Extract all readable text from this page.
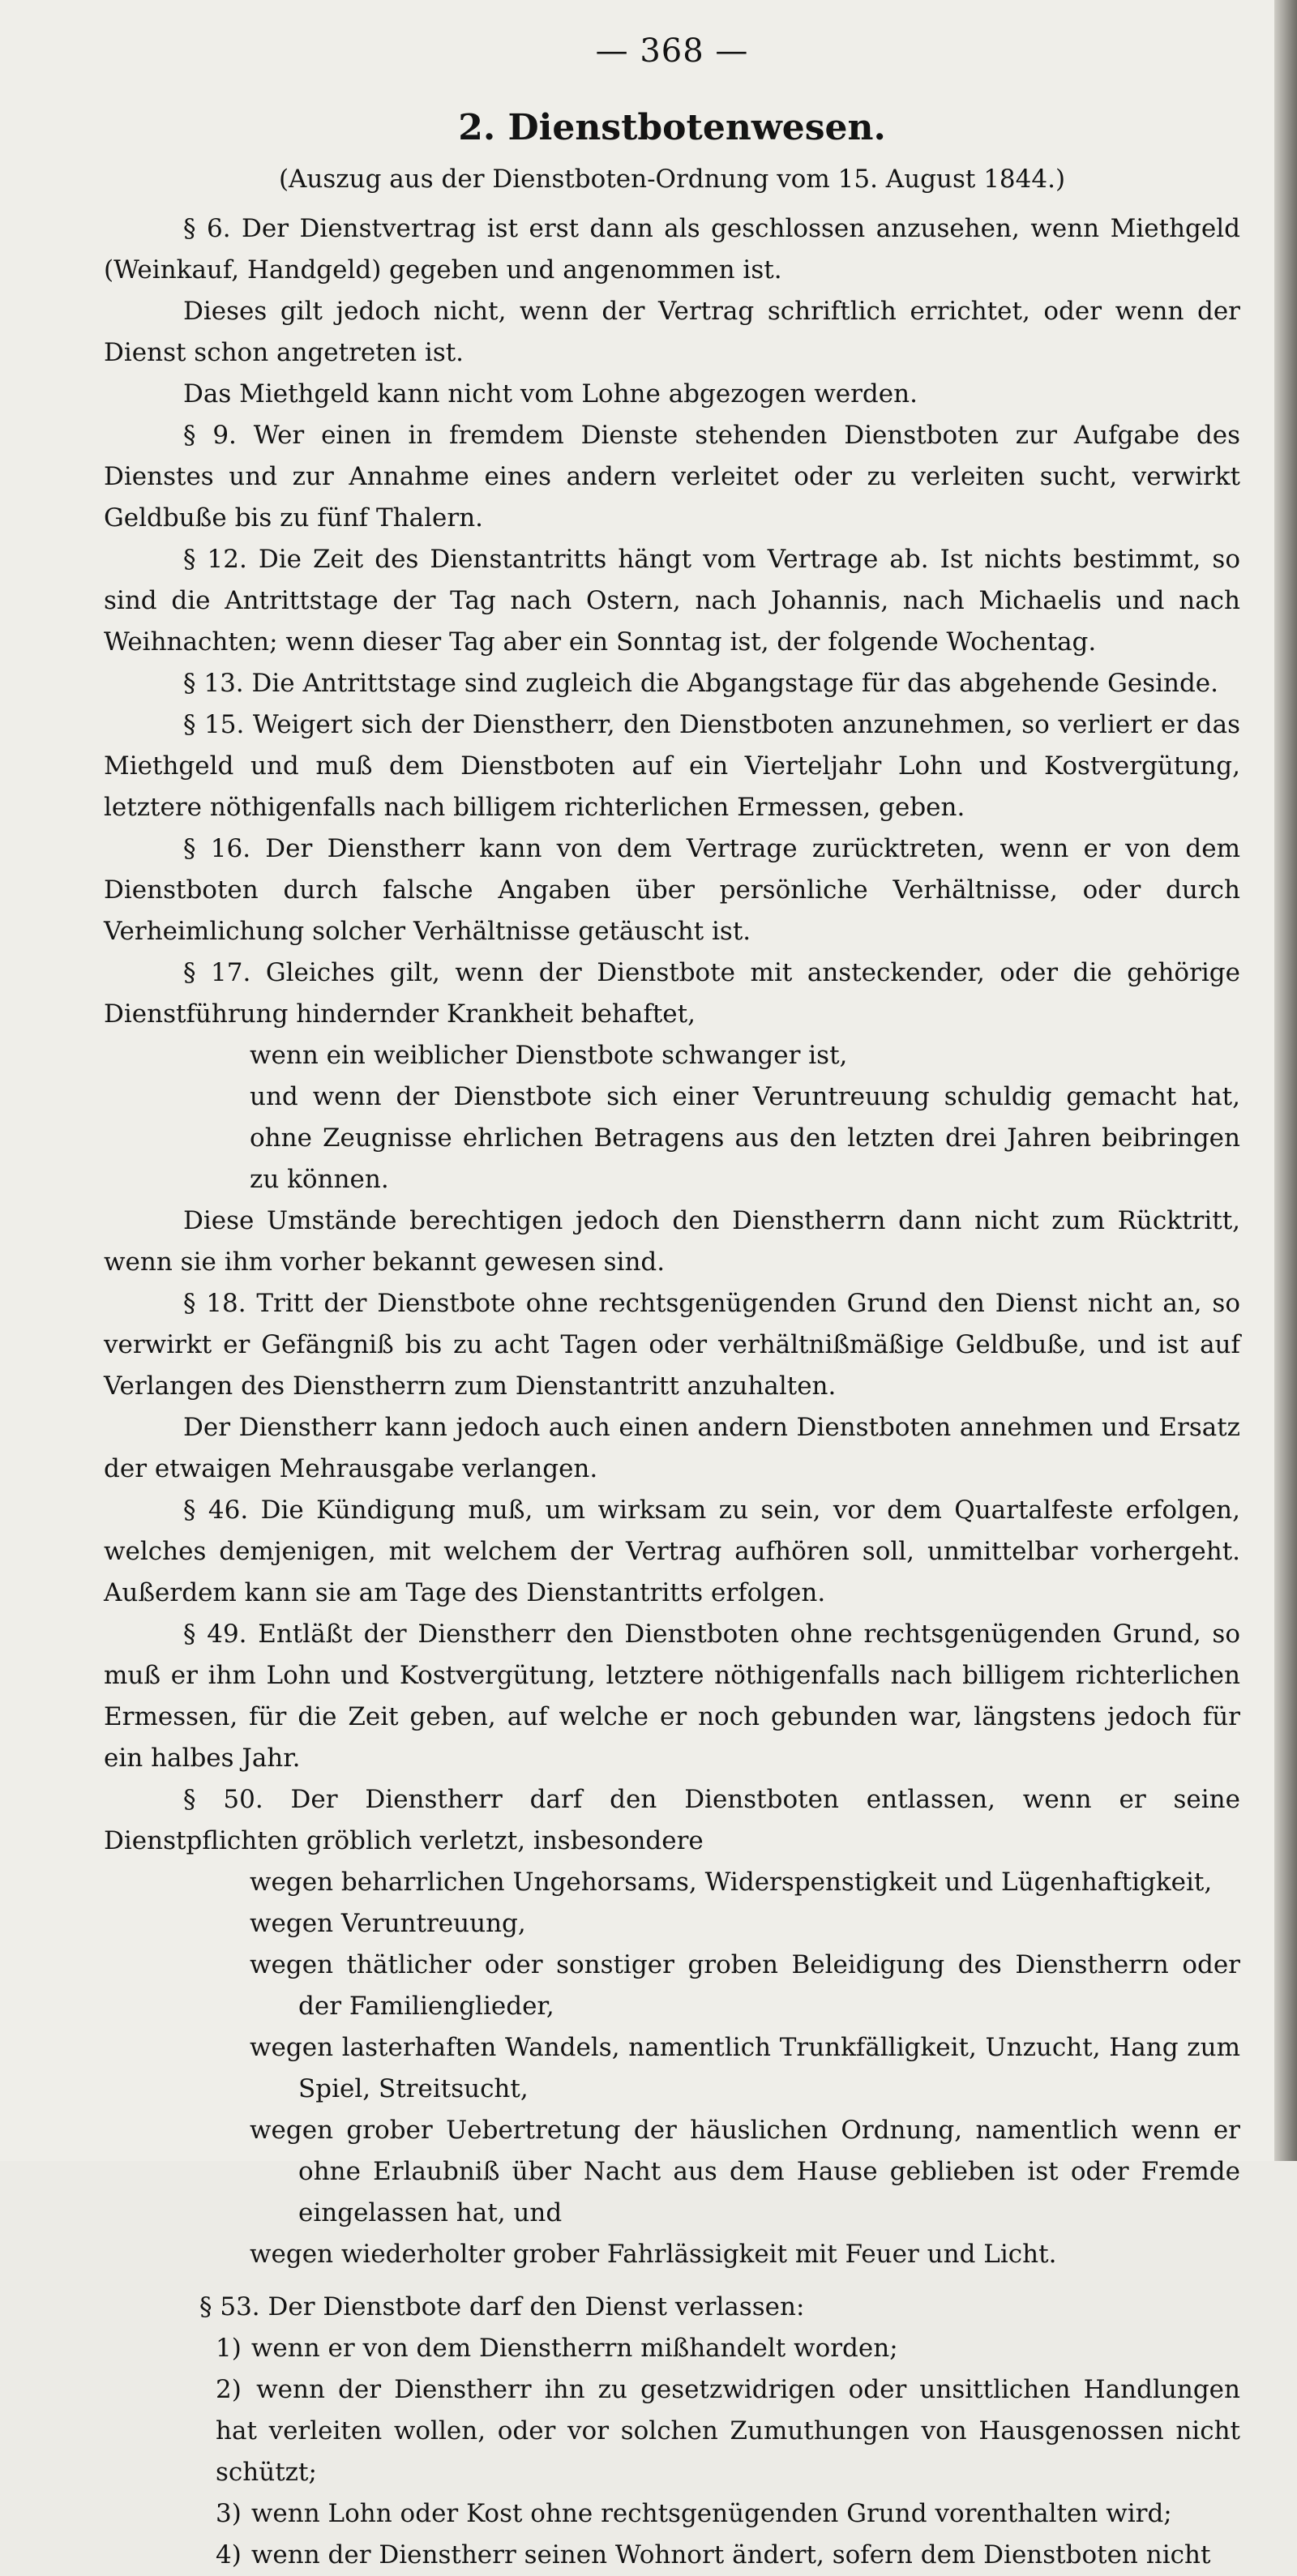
— 368 —
2. Dienstbotenwesen.
(Auszug aus der Dienstboten-Ordnung vom 15. August 1844.)

§ 6. Der Dienstvertrag ist erst dann als geschlossen anzusehen, wenn Miethgeld (Weinkauf, Handgeld) gegeben und angenommen ist.

Dieses gilt jedoch nicht, wenn der Vertrag schriftlich errichtet, oder wenn der Dienst schon angetreten ist.

Das Miethgeld kann nicht vom Lohne abgezogen werden.

§ 9. Wer einen in fremdem Dienste stehenden Dienstboten zur Aufgabe des Dienstes und zur Annahme eines andern verleitet oder zu verleiten sucht, verwirkt Geldbuße bis zu fünf Thalern.

§ 12. Die Zeit des Dienstantritts hängt vom Vertrage ab. Ist nichts bestimmt, so sind die Antrittstage der Tag nach Ostern, nach Johannis, nach Michaelis und nach Weihnachten; wenn dieser Tag aber ein Sonntag ist, der folgende Wochentag.

§ 13. Die Antrittstage sind zugleich die Abgangstage für das abgehende Gesinde.

§ 15. Weigert sich der Dienstherr, den Dienstboten anzunehmen, so verliert er das Miethgeld und muß dem Dienstboten auf ein Vierteljahr Lohn und Kostvergütung, letztere nöthigenfalls nach billigem richterlichen Ermessen, geben.

§ 16. Der Dienstherr kann von dem Vertrage zurücktreten, wenn er von dem Dienstboten durch falsche Angaben über persönliche Verhältnisse, oder durch Verheimlichung solcher Verhältnisse getäuscht ist.

§ 17. Gleiches gilt, wenn der Dienstbote mit ansteckender, oder die gehörige Dienstführung hindernder Krankheit behaftet,

wenn ein weiblicher Dienstbote schwanger ist,

und wenn der Dienstbote sich einer Veruntreuung schuldig gemacht hat, ohne Zeugnisse ehrlichen Betragens aus den letzten drei Jahren beibringen zu können.

Diese Umstände berechtigen jedoch den Dienstherrn dann nicht zum Rücktritt, wenn sie ihm vorher bekannt gewesen sind.

§ 18. Tritt der Dienstbote ohne rechtsgenügenden Grund den Dienst nicht an, so verwirkt er Gefängniß bis zu acht Tagen oder verhältnißmäßige Geldbuße, und ist auf Verlangen des Dienstherrn zum Dienstantritt anzuhalten.

Der Dienstherr kann jedoch auch einen andern Dienstboten annehmen und Ersatz der etwaigen Mehrausgabe verlangen.

§ 46. Die Kündigung muß, um wirksam zu sein, vor dem Quartalfeste erfolgen, welches demjenigen, mit welchem der Vertrag aufhören soll, unmittelbar vorhergeht. Außerdem kann sie am Tage des Dienstantritts erfolgen.

§ 49. Entläßt der Dienstherr den Dienstboten ohne rechtsgenügenden Grund, so muß er ihm Lohn und Kostvergütung, letztere nöthigenfalls nach billigem richterlichen Ermessen, für die Zeit geben, auf welche er noch gebunden war, längstens jedoch für ein halbes Jahr.

§ 50. Der Dienstherr darf den Dienstboten entlassen, wenn er seine Dienstpflichten gröblich verletzt, insbesondere

wegen beharrlichen Ungehorsams, Widerspenstigkeit und Lügenhaftigkeit,

wegen Veruntreuung,

wegen thätlicher oder sonstiger groben Beleidigung des Dienstherrn oder der Familienglieder,

wegen lasterhaften Wandels, namentlich Trunkfälligkeit, Unzucht, Hang zum Spiel, Streitsucht,

wegen grober Uebertretung der häuslichen Ordnung, namentlich wenn er ohne Erlaubniß über Nacht aus dem Hause geblieben ist oder Fremde eingelassen hat, und

wegen wiederholter grober Fahrlässigkeit mit Feuer und Licht.

§ 53. Der Dienstbote darf den Dienst verlassen:

1) wenn er von dem Dienstherrn mißhandelt worden;

2) wenn der Dienstherr ihn zu gesetzwidrigen oder unsittlichen Handlungen hat verleiten wollen, oder vor solchen Zumuthungen von Hausgenossen nicht schützt;

3) wenn Lohn oder Kost ohne rechtsgenügenden Grund vorenthalten wird;

4) wenn der Dienstherr seinen Wohnort ändert, sofern dem Dienstboten nicht
